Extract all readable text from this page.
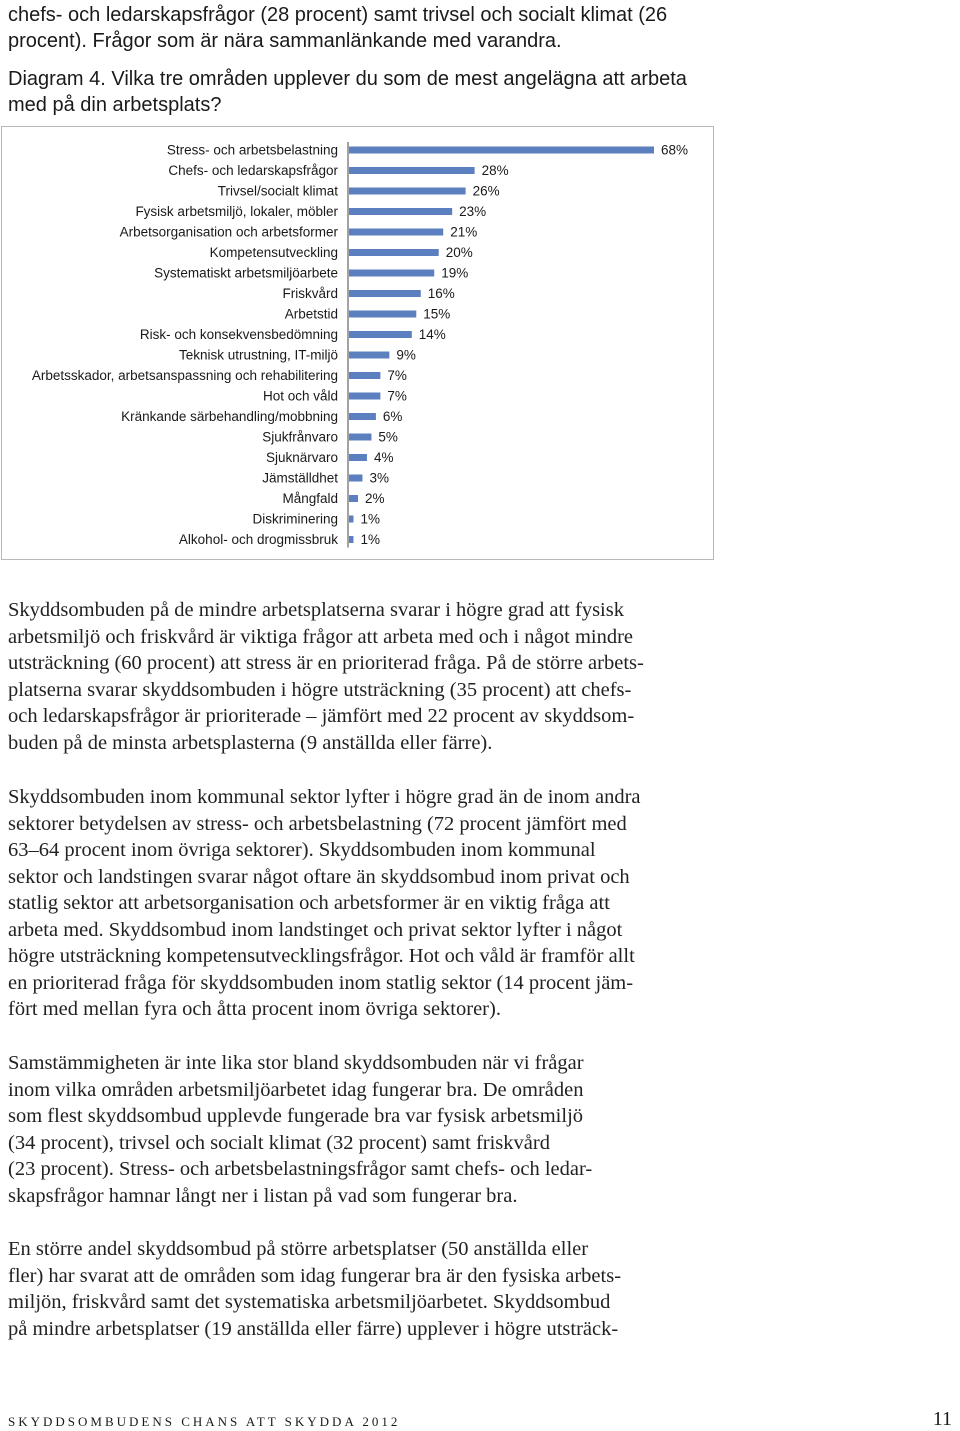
chefs- och ledarskapsfrågor (28 procent) samt trivsel och socialt klimat (26

procent). Frågor som är nära sammanlänkande med varandra.

Diagram 4. Vilka tre områden upplever du som de mest angelägna att arbeta

med på din arbetsplats?

Stress- och arbetsbelastning	68%
Chefs- och ledarskapsfrågor	28%
Trivsel/socialt klimat	26%
Fysisk arbetsmiljö, lokaler, möbler	23%
Arbetsorganisation och arbetsformer	21%
Kompetensutveckling	20%
Systematiskt arbetsmiljöarbete	19%
Friskvård	16%
Arbetstid	15%
Risk- och konsekvensbedömning	14%
Teknisk utrustning, IT-miljö	9%
Arbetsskador, arbetsanspassning och rehabilitering	7%
Hot och våld	7%
Kränkande särbehandling/mobbning	6%
Sjukfrånvaro	5%
Sjuknärvaro	4%
Jämställdhet 3%
Mångfald 2%
Diskriminering 1%
Alkohol- och drogmissbruk 1%

Skyddsombuden på de mindre arbetsplatserna svarar i högre grad att fysisk

arbetsmiljö och friskvård är viktiga frågor att arbeta med och i något mindre

utsträckning (60 procent) att stress är en prioriterad fråga. På de större arbets-

platserna svarar skyddsombuden i högre utsträckning (35 procent) att chefs-

och ledarskapsfrågor är prioriterade – jämfört med 22 procent av skyddsom-

buden på de minsta arbetsplasterna (9 anställda eller färre).

Skyddsombuden inom kommunal sektor lyfter i högre grad än de inom andra

sektorer betydelsen av stress- och arbetsbelastning (72 procent jämfört med

63–64 procent inom övriga sektorer). Skyddsombuden inom kommunal

sektor och landstingen svarar något oftare än skyddsombud inom privat och

statlig sektor att arbetsorganisation och arbetsformer är en viktig fråga att

arbeta med. Skyddsombud inom landstinget och privat sektor lyfter i något

högre utsträckning kompetensutvecklingsfrågor. Hot och våld är framför allt

en prioriterad fråga för skyddsombuden inom statlig sektor (14 procent jäm-

fört med mellan fyra och åtta procent inom övriga sektorer).

Samstämmigheten är inte lika stor bland skyddsombuden när vi frågar

inom vilka områden arbetsmiljöarbetet idag fungerar bra. De områden

som flest skyddsombud upplevde fungerade bra var fysisk arbetsmiljö

(34 procent), trivsel och socialt klimat (32 procent) samt friskvård

(23 procent). Stress- och arbetsbelastningsfrågor samt chefs- och ledar-

skapsfrågor hamnar långt ner i listan på vad som fungerar bra.

En större andel skyddsombud på större arbetsplatser (50 anställda eller

fler) har svarat att de områden som idag fungerar bra är den fysiska arbets-

miljön, friskvård samt det systematiska arbetsmiljöarbetet. Skyddsombud

på mindre arbetsplatser (19 anställda eller färre) upplever i högre utsträck-

SKYDDSOMBUDENS CHANS ATT SKYDDA 2012	11
